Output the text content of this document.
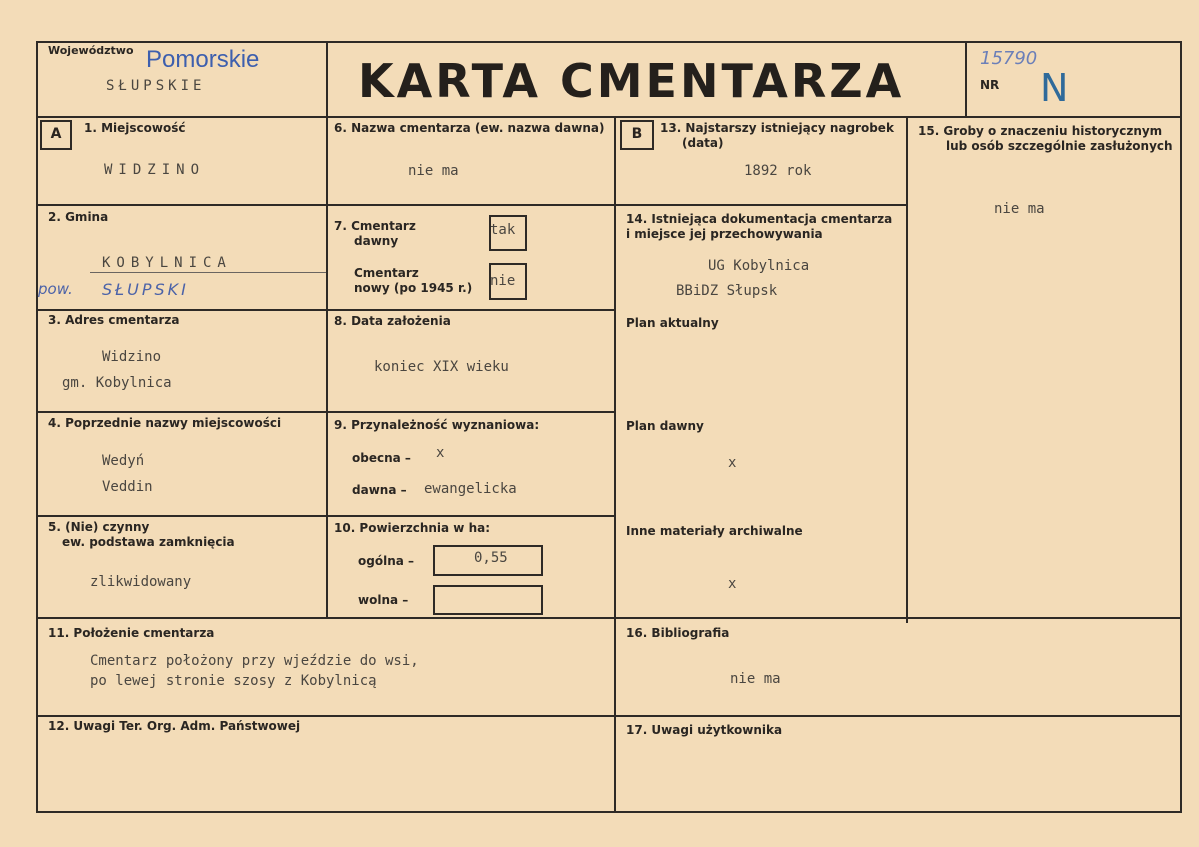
Województwo Pomorskie
SŁUPSKIE	KARTA CMENTARZA	NR
15790
N
A	B
1. Miejscowość
WIDZINO
2. Gmina
KOBYLNICA
pow. SŁUPSKI
3. Adres cmentarza
Widzino
gm. Kobylnica
4. Poprzednie nazwy miejscowości
Wedyń
Veddin
5. (Nie) czynny
ew. podstawa zamknięcia
zlikwidowany
6. Nazwa cmentarza (ew. nazwa dawna)
nie ma
7. Cmentarz
dawny
tak
Cmentarz
nowy (po 1945 r.) nie
8. Data założenia
koniec XIX wieku
9. Przynależność wyznaniowa:
obecna – x
dawna – ewangelicka
10. Powierzchnia w ha:
ogólna –	0,55
wolna –
11. Położenie cmentarza
Cmentarz położony przy wjeździe do wsi,
po lewej stronie szosy z Kobylnicą
12. Uwagi Ter. Org. Adm. Państwowej
13. Najstarszy istniejący nagrobek
(data)
1892 rok
14. Istniejąca dokumentacja cmentarza
i miejsce jej przechowywania
UG Kobylnica
BBiDZ Słupsk
Plan aktualny
Plan dawny
x
Inne materiały archiwalne
x
15. Groby o znaczeniu historycznym
lub osób szczególnie zasłużonych
nie ma
16. Bibliografia
nie ma
17. Uwagi użytkownika
